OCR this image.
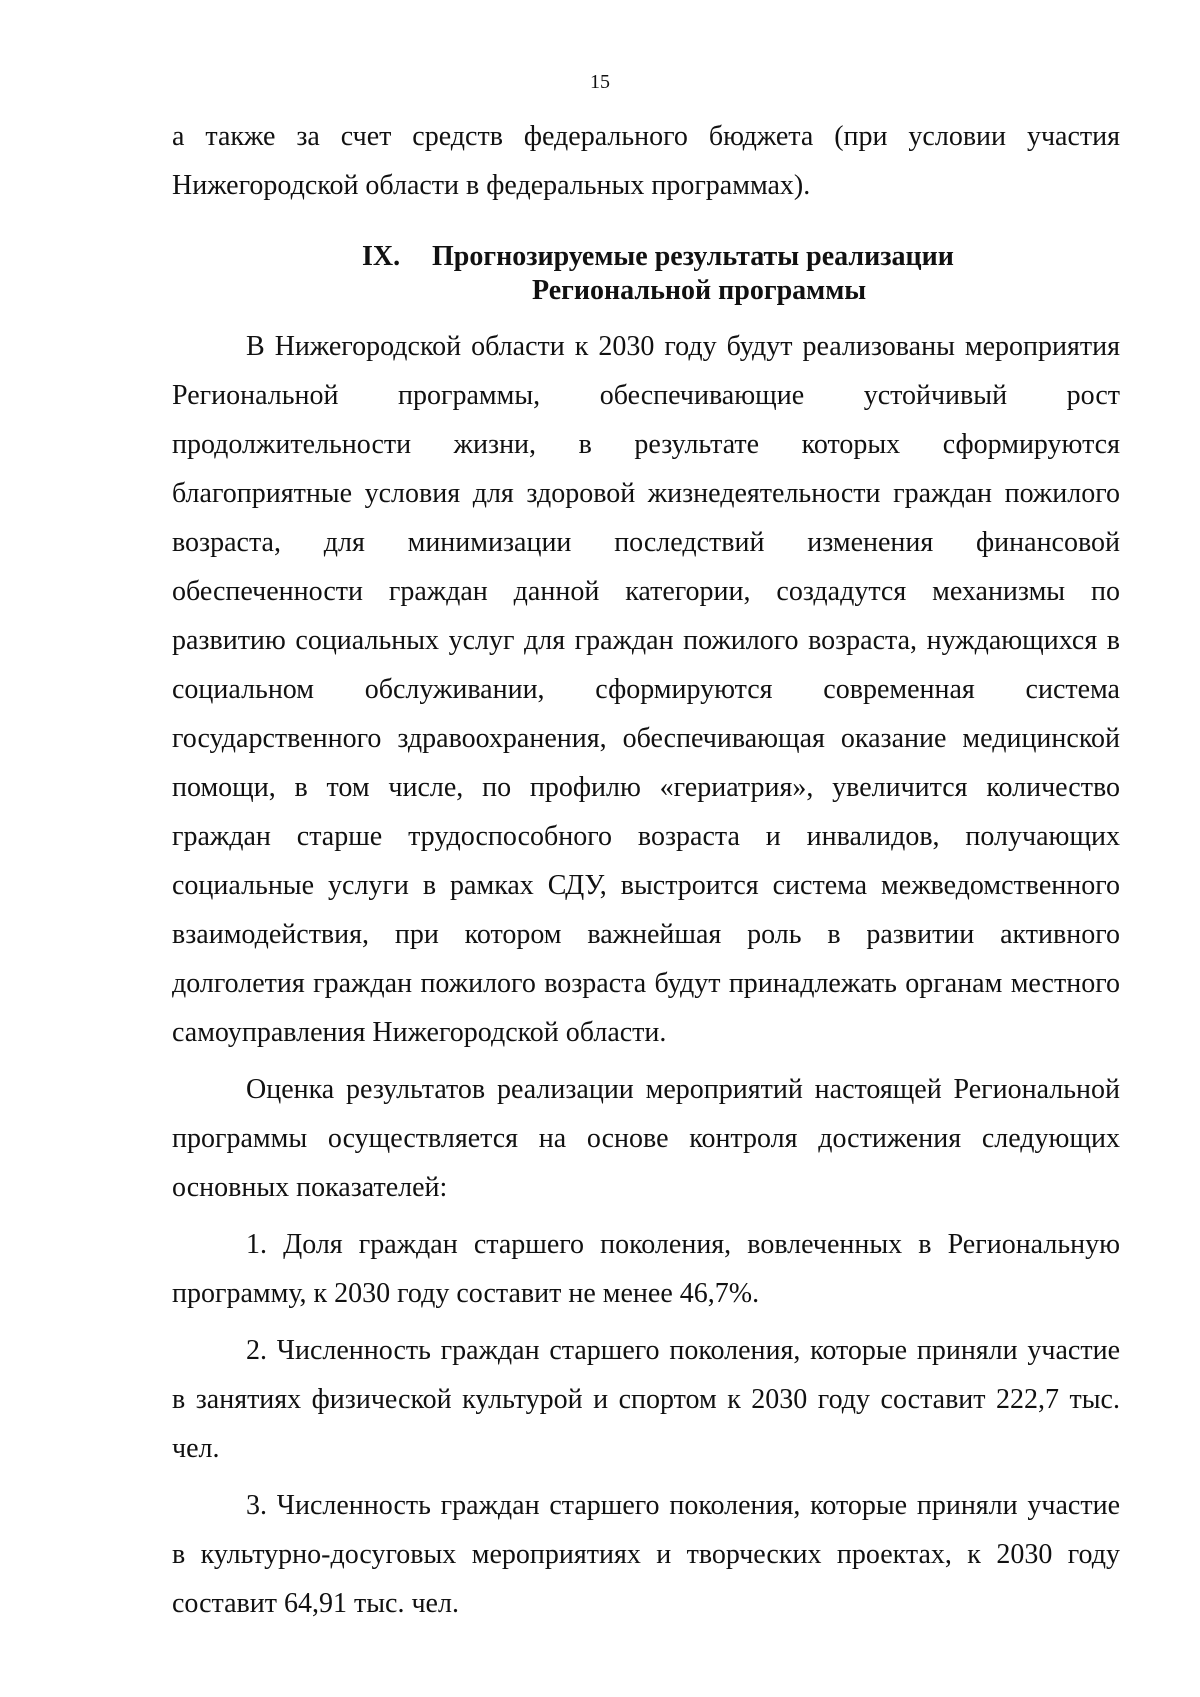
15

а также за счет средств федерального бюджета (при условии участия Нижегородской области в федеральных программах).

IX.	Прогнозируемые результаты реализации
Региональной программы

В Нижегородской области к 2030 году будут реализованы мероприятия Региональной программы, обеспечивающие устойчивый рост продолжительности жизни, в результате которых сформируются благоприятные условия для здоровой жизнедеятельности граждан пожилого возраста, для минимизации последствий изменения финансовой обеспеченности граждан данной категории, создадутся механизмы по развитию социальных услуг для граждан пожилого возраста, нуждающихся в социальном обслуживании, сформируются современная система государственного здравоохранения, обеспечивающая оказание медицинской помощи, в том числе, по профилю «гериатрия», увеличится количество граждан старше трудоспособного возраста и инвалидов, получающих социальные услуги в рамках СДУ, выстроится система межведомственного взаимодействия, при котором важнейшая роль в развитии активного долголетия граждан пожилого возраста будут принадлежать органам местного самоуправления Нижегородской области.

Оценка результатов реализации мероприятий настоящей Региональной программы осуществляется на основе контроля достижения следующих основных показателей:

1. Доля граждан старшего поколения, вовлеченных в Региональную программу, к 2030 году составит не менее 46,7%.

2. Численность граждан старшего поколения, которые приняли участие в занятиях физической культурой и спортом к 2030 году составит 222,7 тыс. чел.

3. Численность граждан старшего поколения, которые приняли участие в культурно-досуговых мероприятиях и творческих проектах, к 2030 году составит 64,91 тыс. чел.
